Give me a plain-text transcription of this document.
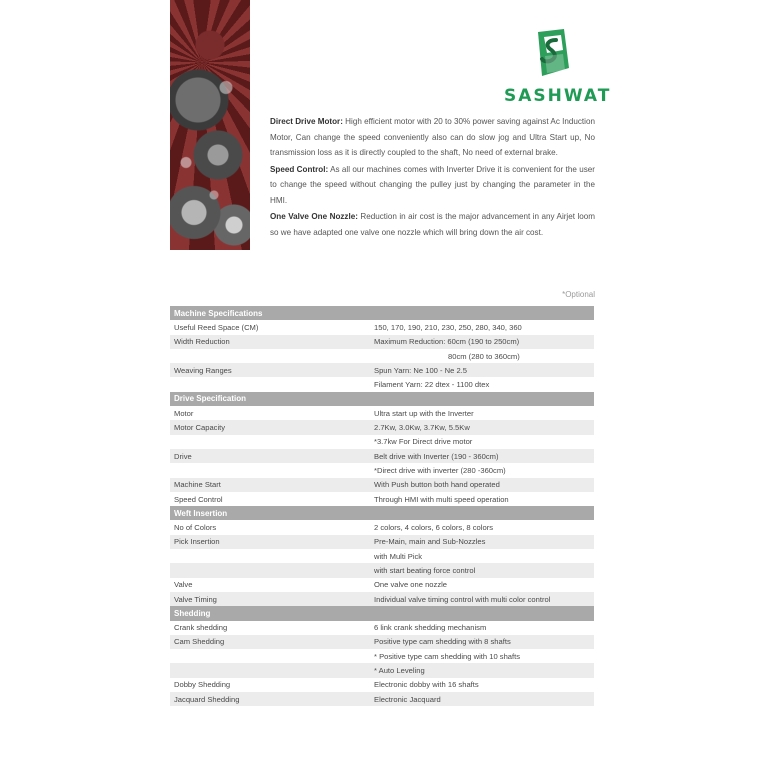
SASHWAT

Direct Drive Motor: High efficient motor with 20 to 30% power saving against Ac Induction Motor, Can change the speed conveniently also can do slow jog and Ultra Start up, No transmission loss as it is directly coupled to the shaft, No need of external brake.

Speed Control: As all our machines comes with Inverter Drive it is convenient for the user to change the speed without changing the pulley just by changing the parameter in the HMI.

One Valve One Nozzle: Reduction in air cost is the major advancement in any Airjet loom so we have adapted one valve one nozzle which will bring down the air cost.

*Optional
Machine Specifications	
Useful Reed Space (CM)	150, 170, 190, 210, 230, 250, 280, 340, 360
Width Reduction	Maximum Reduction: 60cm (190 to 250cm)
	80cm (280 to 360cm)
Weaving Ranges	Spun Yarn: Ne 100 - Ne 2.5
	Filament Yarn: 22 dtex - 1100 dtex
Drive Specification	
Motor	Ultra start up with the Inverter
Motor Capacity	2.7Kw, 3.0Kw, 3.7Kw, 5.5Kw
	*3.7kw For Direct drive motor
Drive	Belt drive with Inverter (190 - 360cm)
	*Direct drive with inverter (280 -360cm)
Machine Start	With Push button both hand operated
Speed Control	Through HMI with multi speed operation
Weft Insertion	
No of Colors	2 colors, 4 colors, 6 colors, 8 colors
Pick Insertion	Pre-Main, main and Sub-Nozzles
	with Multi Pick
	with start beating force control
Valve	One valve one nozzle
Valve Timing	Individual valve timing control with multi color control
Shedding	
Crank shedding	6 link crank shedding mechanism
Cam Shedding	Positive type cam shedding with 8 shafts
	* Positive type cam shedding with 10 shafts
	* Auto Leveling
Dobby Shedding	Electronic dobby with 16 shafts
Jacquard Shedding	Electronic Jacquard
